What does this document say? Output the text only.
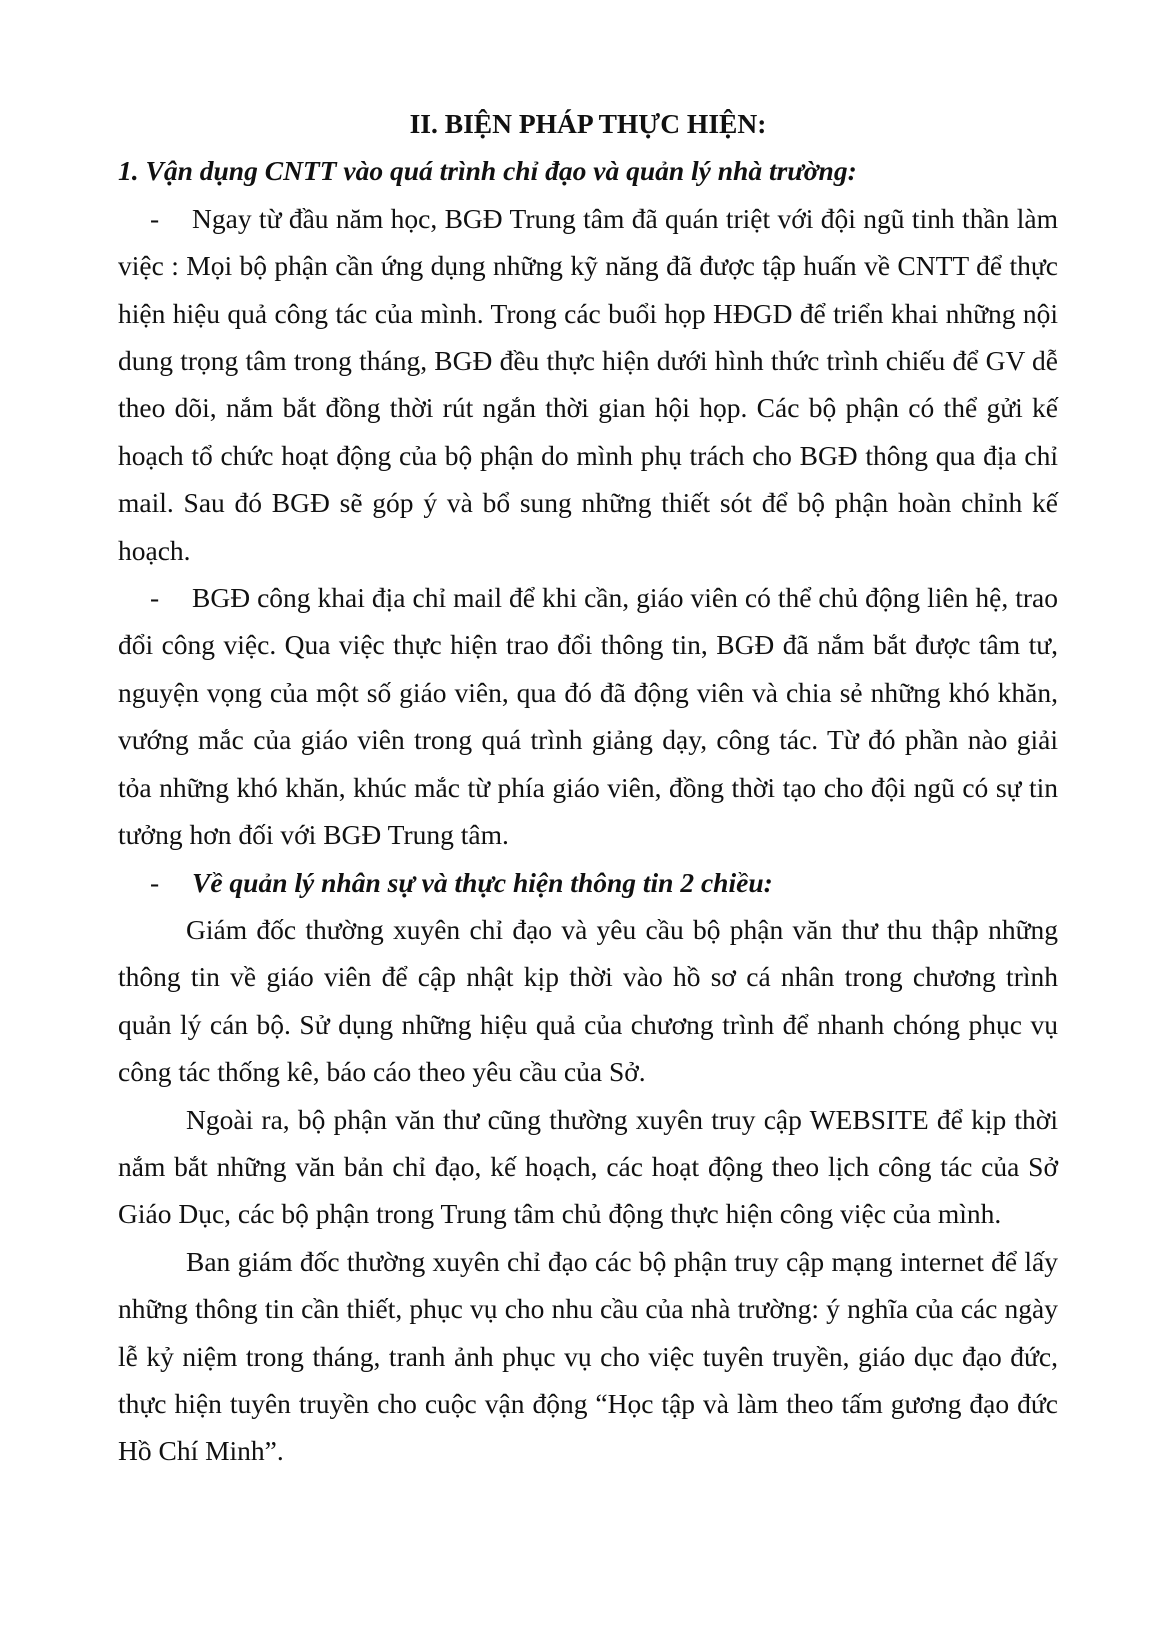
II. BIỆN PHÁP THỰC HIỆN:

1. Vận dụng CNTT vào quá trình chỉ đạo và quản lý nhà trường:

- Ngay từ đầu năm học, BGĐ Trung tâm đã quán triệt với đội ngũ tinh thần làm việc : Mọi bộ phận cần ứng dụng những kỹ năng đã được tập huấn về CNTT để thực hiện hiệu quả công tác của mình. Trong các buổi họp HĐGD để triển khai những nội dung trọng tâm trong tháng, BGĐ đều thực hiện dưới hình thức trình chiếu để GV dễ theo dõi, nắm bắt đồng thời rút ngắn thời gian hội họp. Các bộ phận có thể gửi kế hoạch tổ chức hoạt động của bộ phận do mình phụ trách cho BGĐ thông qua địa chỉ mail. Sau đó BGĐ sẽ góp ý và bổ sung những thiết sót để bộ phận hoàn chỉnh kế hoạch.

- BGĐ công khai địa chỉ mail để khi cần, giáo viên có thể chủ động liên hệ, trao đổi công việc. Qua việc thực hiện trao đổi thông tin, BGĐ đã nắm bắt được tâm tư, nguyện vọng của một số giáo viên, qua đó đã động viên và chia sẻ những khó khăn, vướng mắc của giáo viên trong quá trình giảng dạy, công tác. Từ đó phần nào giải tỏa những khó khăn, khúc mắc từ phía giáo viên, đồng thời tạo cho đội ngũ có sự tin tưởng hơn đối với BGĐ Trung tâm.

- Về quản lý nhân sự và thực hiện thông tin 2 chiều:

Giám đốc thường xuyên chỉ đạo và yêu cầu bộ phận văn thư thu thập những thông tin về giáo viên để cập nhật kịp thời vào hồ sơ cá nhân trong chương trình quản lý cán bộ. Sử dụng những hiệu quả của chương trình để nhanh chóng phục vụ công tác thống kê, báo cáo theo yêu cầu của Sở.

Ngoài ra, bộ phận văn thư cũng thường xuyên truy cập WEBSITE để kịp thời nắm bắt những văn bản chỉ đạo, kế hoạch, các hoạt động theo lịch công tác của Sở Giáo Dục, các bộ phận trong Trung tâm chủ động thực hiện công việc của mình.

Ban giám đốc thường xuyên chỉ đạo các bộ phận truy cập mạng internet để lấy những thông tin cần thiết, phục vụ cho nhu cầu của nhà trường: ý nghĩa của các ngày lễ kỷ niệm trong tháng, tranh ảnh phục vụ cho việc tuyên truyền, giáo dục đạo đức, thực hiện tuyên truyền cho cuộc vận động “Học tập và làm theo tấm gương đạo đức Hồ Chí Minh”.
